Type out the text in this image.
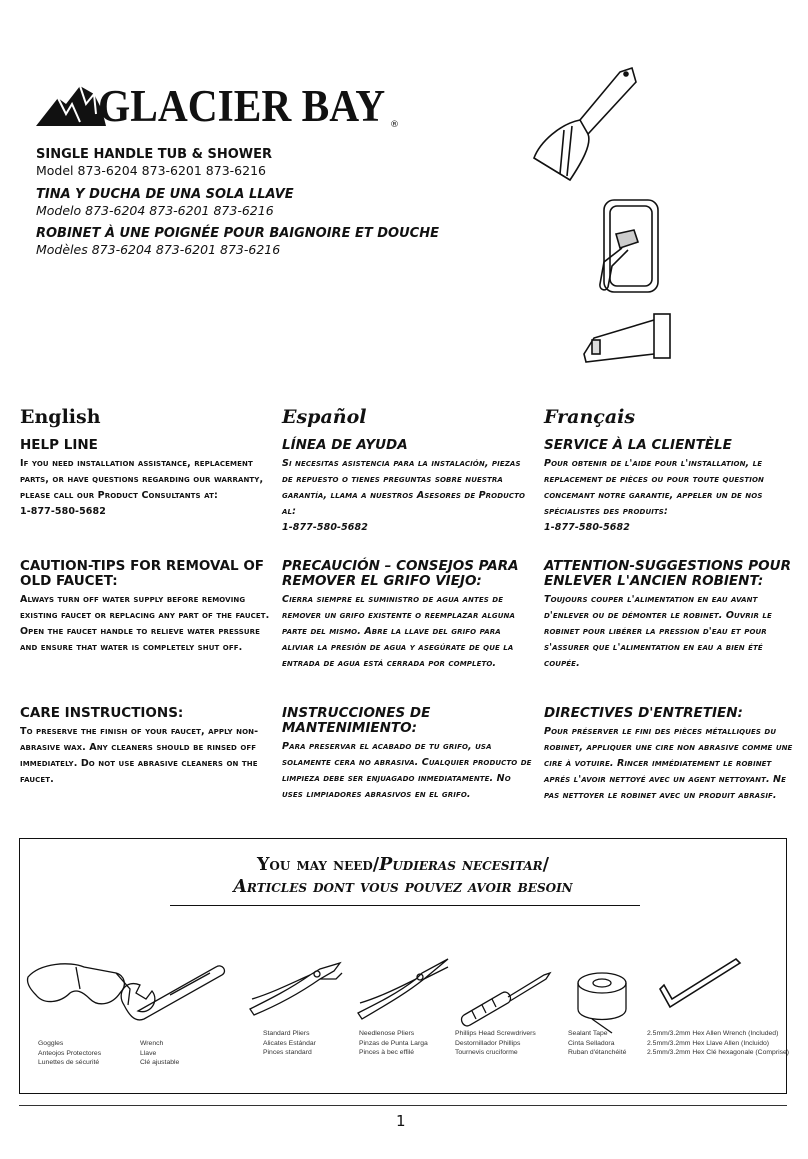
GLACIER BAY ®

SINGLE HANDLE TUB & SHOWER

Model 873-6204 873-6201 873-6216

TINA Y DUCHA DE UNA SOLA LLAVE

Modelo 873-6204 873-6201 873-6216

ROBINET À UNE POIGNÉE POUR BAIGNOIRE ET DOUCHE

Modèles 873-6204 873-6201 873-6216

English	Español	Français

HELP LINE

If you need installation assistance, replacement parts, or have questions regarding our warranty, please call our Product Consultants at:

1-877-580-5682

CAUTION-TIPS FOR REMOVAL OF OLD FAUCET:

Always turn off water supply before removing existing faucet or replacing any part of the faucet. Open the faucet handle to relieve water pressure and ensure that water is completely shut off.

CARE INSTRUCTIONS:

To preserve the finish of your faucet, apply non-abrasive wax. Any cleaners should be rinsed off immediately. Do not use abrasive cleaners on the faucet.

LÍNEA DE AYUDA

Si necesitas asistencia para la instalación, piezas de repuesto o tienes preguntas sobre nuestra garantía, llama a nuestros Asesores de Producto al:

1-877-580-5682

PRECAUCIÓN – CONSEJOS PARA REMOVER EL GRIFO VIEJO:

Cierra siempre el suministro de agua antes de remover un grifo existente o reemplazar alguna parte del mismo. Abre la llave del grifo para aliviar la presión de agua y asegúrate de que la entrada de agua está cerrada por completo.

INSTRUCCIONES DE MANTENIMIENTO:

Para preservar el acabado de tu grifo, usa solamente cera no abrasiva. Cualquier producto de limpieza debe ser enjuagado inmediatamente. No uses limpiadores abrasivos en el grifo.

SERVICE À LA CLIENTÈLE

Pour obtenir de l'aide pour l'installation, le replacement de pièces ou pour toute question concemant notre garantie, appeler un de nos spécialistes des produits:

1-877-580-5682

ATTENTION-SUGGESTIONS POUR ENLEVER L'ANCIEN ROBIENT:

Toujours couper l'alimentation en eau avant d'enlever ou de démonter le robinet. Ouvrir le robinet pour libérer la pression d'eau et pour s'assurer que l'alimentation en eau a bien été coupée.

DIRECTIVES D'ENTRETIEN:

Pour préserver le fini des pièces métalliques du robinet, appliquer une cire non abrasive comme une cire à votuire. Rincer immédiatement le robinet aprés l'avoir nettoyé avec un agent nettoyant. Ne pas nettoyer le robinet avec un produit abrasif.

You may need/Pudieras necesitar/
Articles dont vous pouvez avoir besoin
Goggles
Anteojos Protectores
Lunettes de sécurité
Wrench
Llave
Clé ajustable
Standard Pliers
Alicates Estándar
Pinces standard
Needlenose Pliers
Pinzas de Punta Larga
Pinces à bec effilé
Phillips Head Screwdrivers
Destornillador Phillips
Tournevis cruciforme
Sealant Tape
Cinta Selladora
Ruban d'étanchéité
2.5mm/3.2mm Hex Allen Wrench (Included)
2.5mm/3.2mm Hex Llave Allen (Incluido)
2.5mm/3.2mm Hex Clé hexagonale (Comprise)
1
